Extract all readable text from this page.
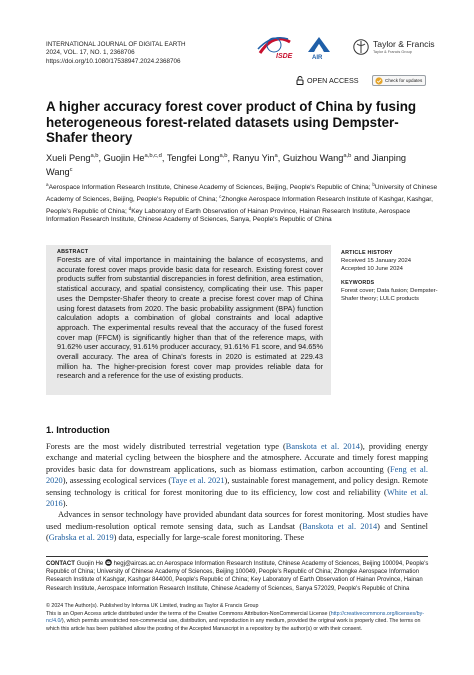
INTERNATIONAL JOURNAL OF DIGITAL EARTH
2024, VOL. 17, NO. 1, 2368706
https://doi.org/10.1080/17538947.2024.2368706
ISDE	AIR
Taylor & Francis
Taylor & Francis Group
OPEN ACCESS	Check for updates
A higher accuracy forest cover product of China by fusing heterogeneous forest-related datasets using Dempster-Shafer theory
Xueli Peng$^{a,b}$, Guojin He$^{a,b,c,d}$, Tengfei Long$^{a,b}$, Ranyu Yin$^a$, Guizhou Wang$^{a,b}$ and Jianping Wang$^c$
$^a$Aerospace Information Research Institute, Chinese Academy of Sciences, Beijing, People's Republic of China; $^b$University of Chinese Academy of Sciences, Beijing, People's Republic of China; $^c$Zhongke Aerospace Information Research Institute of Kashgar, Kashgar, People's Republic of China; $^d$Key Laboratory of Earth Observation of Hainan Province, Hainan Research Institute, Aerospace Information Research Institute, Chinese Academy of Sciences, Sanya, People's Republic of China
ABSTRACT
Forests are of vital importance in maintaining the balance of ecosystems, and accurate forest cover maps provide basic data for research. Existing forest cover products suffer from substantial discrepancies in forest definition, area estimation, statistical accuracy, and spatial consistency, complicating their use. This paper uses the Dempster-Shafer theory to create a precise forest cover map of China using forest datasets from 2020. The basic probability assignment (BPA) function calculation adopts a combination of global constraints and local adaptive approach. The experimental results reveal that the accuracy of the fused forest cover map (FFCM) is significantly higher than that of the reference maps, with 91.62% user accuracy, 91.61% producer accuracy, 91.61% F1 score, and 94.65% overall accuracy. The area of China's forests in 2020 is estimated at 229.43 million ha. The higher-precision forest cover map provides reliable data for research and a reference for the use of existing products.
ARTICLE HISTORY
Received 15 January 2024
Accepted 10 June 2024
KEYWORDS
Forest cover; Data fusion; Dempster-Shafer theory; LULC products
1. Introduction

Forests are the most widely distributed terrestrial vegetation type (Banskota et al. 2014), providing energy exchange and material cycling between the biosphere and the atmosphere. Accurate and timely forest mapping provides basic data for downstream applications, such as biomass estimation, carbon accounting (Feng et al. 2020), assessing ecological services (Taye et al. 2021), sustainable forest management, and policy design. Remote sensing technology is critical for forest monitoring due to its efficiency, low cost and reliability (White et al. 2016).

Advances in sensor technology have provided abundant data sources for forest monitoring. Most studies have used medium-resolution optical remote sensing data, such as Landsat (Banskota et al. 2014) and Sentinel (Grabska et al. 2019) data, especially for large-scale forest monitoring. These

CONTACT Guojin He hegj@aircas.ac.cn Aerospace Information Research Institute, Chinese Academy of Sciences, Beijing 100094, People's Republic of China; University of Chinese Academy of Sciences, Beijing 100049, People's Republic of China; Zhongke Aerospace Information Research Institute of Kashgar, Kashgar 844000, People's Republic of China; Key Laboratory of Earth Observation of Hainan Province, Hainan Research Institute, Aerospace Information Research Institute, Chinese Academy of Sciences, Sanya 572029, People's Republic of China
© 2024 The Author(s). Published by Informa UK Limited, trading as Taylor & Francis Group
This is an Open Access article distributed under the terms of the Creative Commons Attribution-NonCommercial License (http://creativecommons.org/licenses/by-nc/4.0/), which permits unrestricted non-commercial use, distribution, and reproduction in any medium, provided the original work is properly cited. The terms on which this article has been published allow the posting of the Accepted Manuscript in a repository by the author(s) or with their consent.
